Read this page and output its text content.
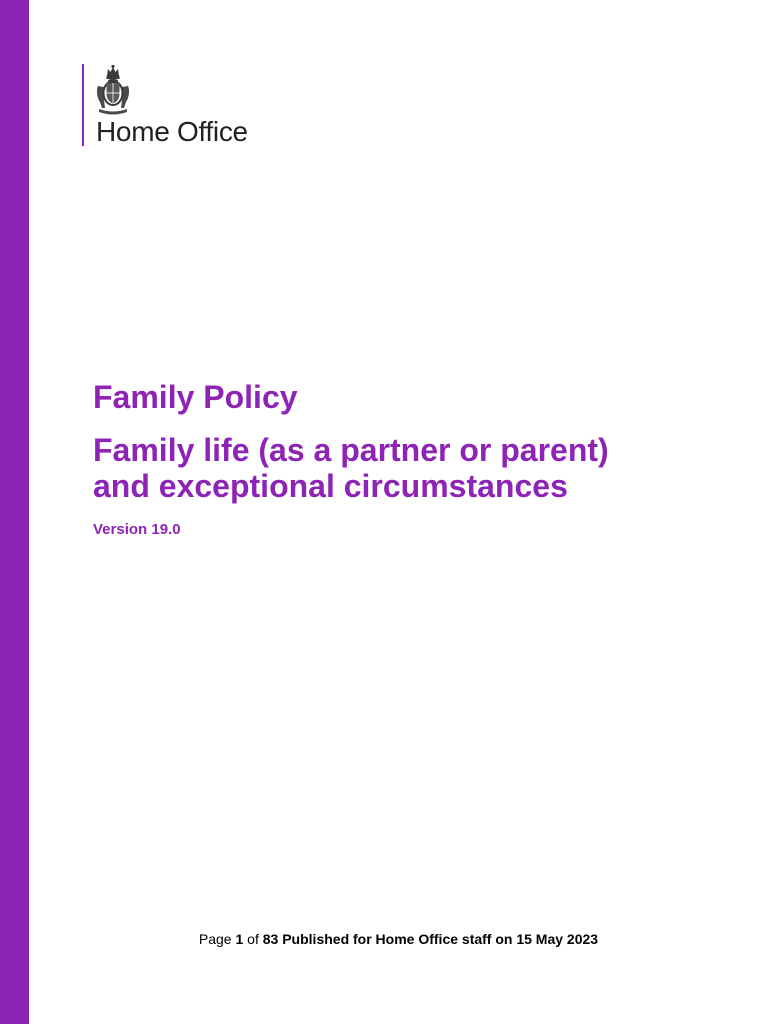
Home Office
Family Policy
Family life (as a partner or parent)
and exceptional circumstances
Version 19.0
Page 1 of 83 Published for Home Office staff on 15 May 2023
